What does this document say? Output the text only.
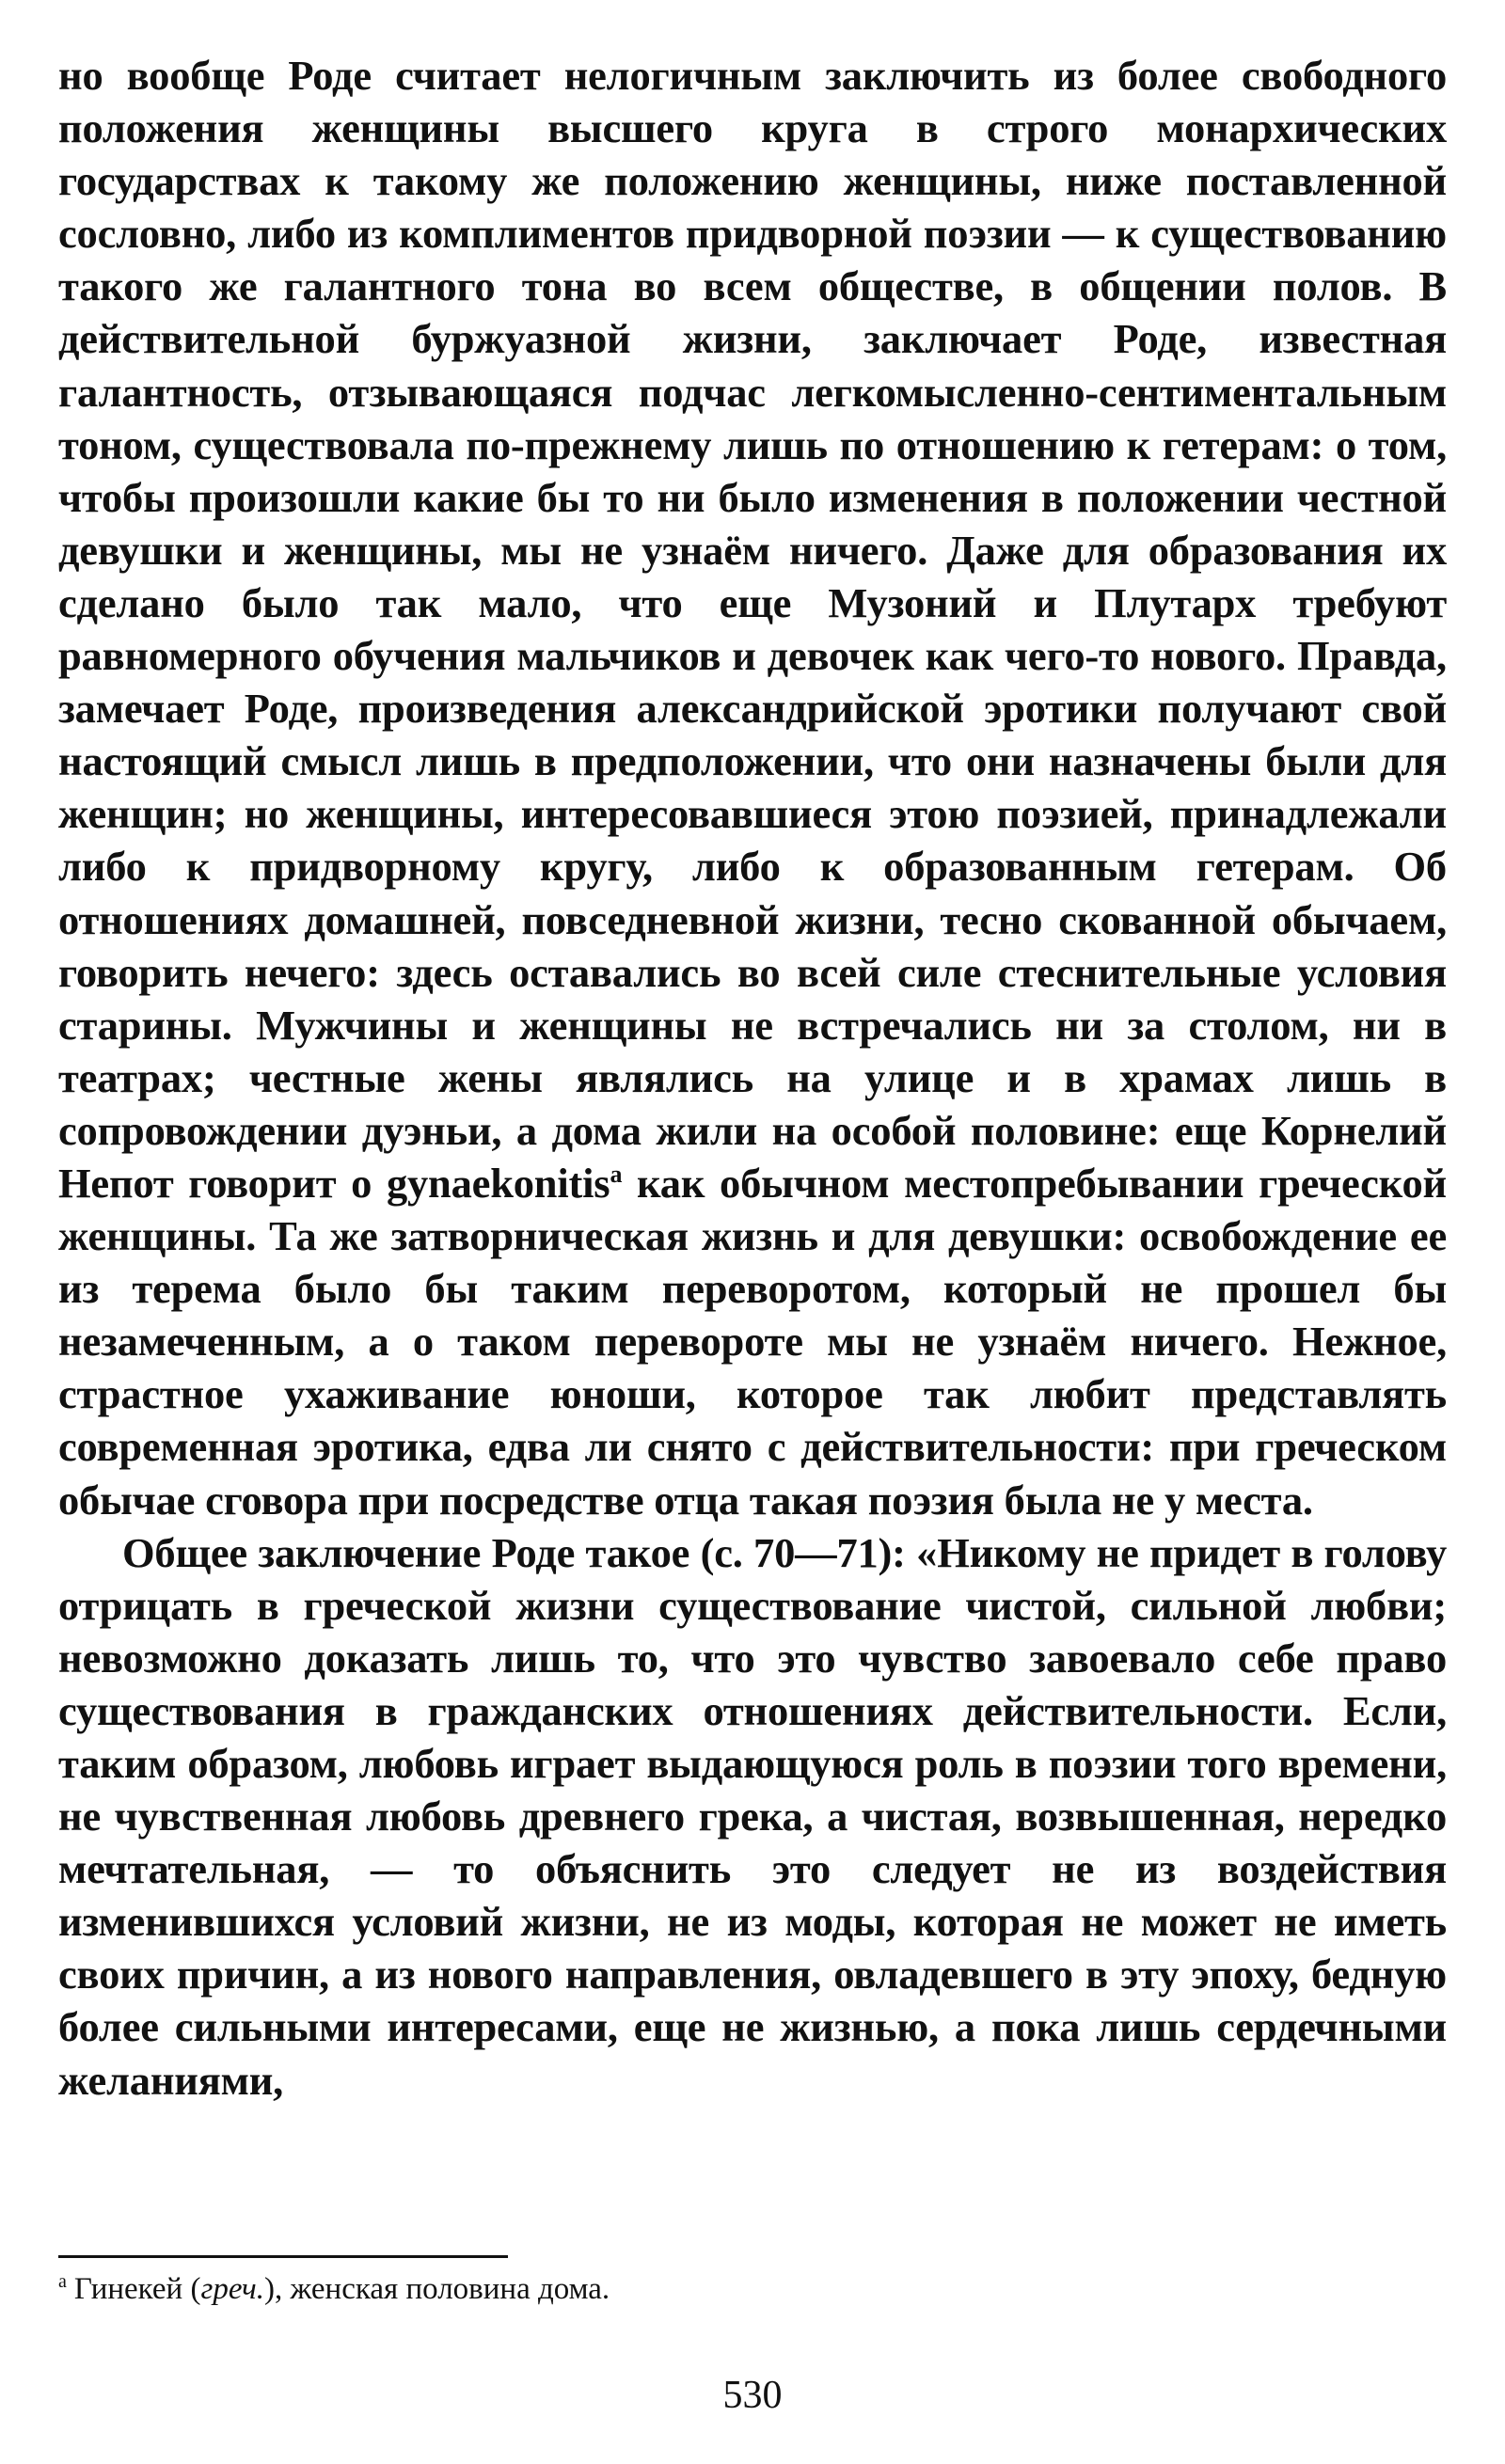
но вообще Роде считает нелогичным заключить из более свободного положения женщины высшего круга в строго монархических государствах к такому же положению женщины, ниже поставленной сословно, либо из комплиментов придворной поэзии — к существованию такого же галантного тона во всем обществе, в общении полов. В действительной буржуазной жизни, заключает Роде, известная галантность, отзывающаяся подчас легкомысленно-сентиментальным тоном, существовала по-прежнему лишь по отношению к гетерам: о том, чтобы произошли какие бы то ни было изменения в положении честной девушки и женщины, мы не узнаём ничего. Даже для образования их сделано было так мало, что еще Музоний и Плутарх требуют равномерного обучения мальчиков и девочек как чего-то нового. Правда, замечает Роде, произведения александрийской эротики получают свой настоящий смысл лишь в предположении, что они назначены были для женщин; но женщины, интересовавшиеся этою поэзией, принадлежали либо к придворному кругу, либо к образованным гетерам. Об отношениях домашней, повседневной жизни, тесно скованной обычаем, говорить нечего: здесь оставались во всей силе стеснительные условия старины. Мужчины и женщины не встречались ни за столом, ни в театрах; честные жены являлись на улице и в храмах лишь в сопровождении дуэньи, а дома жили на особой половине: еще Корнелий Непот говорит о gynaekonitis$^a$ как обычном местопребывании греческой женщины. Та же затворническая жизнь и для девушки: освобождение ее из терема было бы таким переворотом, который не прошел бы незамеченным, а о таком перевороте мы не узнаём ничего. Нежное, страстное ухаживание юноши, которое так любит представлять современная эротика, едва ли снято с действительности: при греческом обычае сговора при посредстве отца такая поэзия была не у места.

Общее заключение Роде такое (с. 70—71): «Никому не придет в голову отрицать в греческой жизни существование чистой, сильной любви; невозможно доказать лишь то, что это чувство завоевало себе право существования в гражданских отношениях действительности. Если, таким образом, любовь играет выдающуюся роль в поэзии того времени, не чувственная любовь древнего грека, а чистая, возвышенная, нередко мечтательная, — то объяснить это следует не из воздействия изменившихся условий жизни, не из моды, которая не может не иметь своих причин, а из нового направления, овладевшего в эту эпоху, бедную более сильными интересами, еще не жизнью, а пока лишь сердечными желаниями,

$^a$ Гинекей (греч.), женская половина дома.
530
